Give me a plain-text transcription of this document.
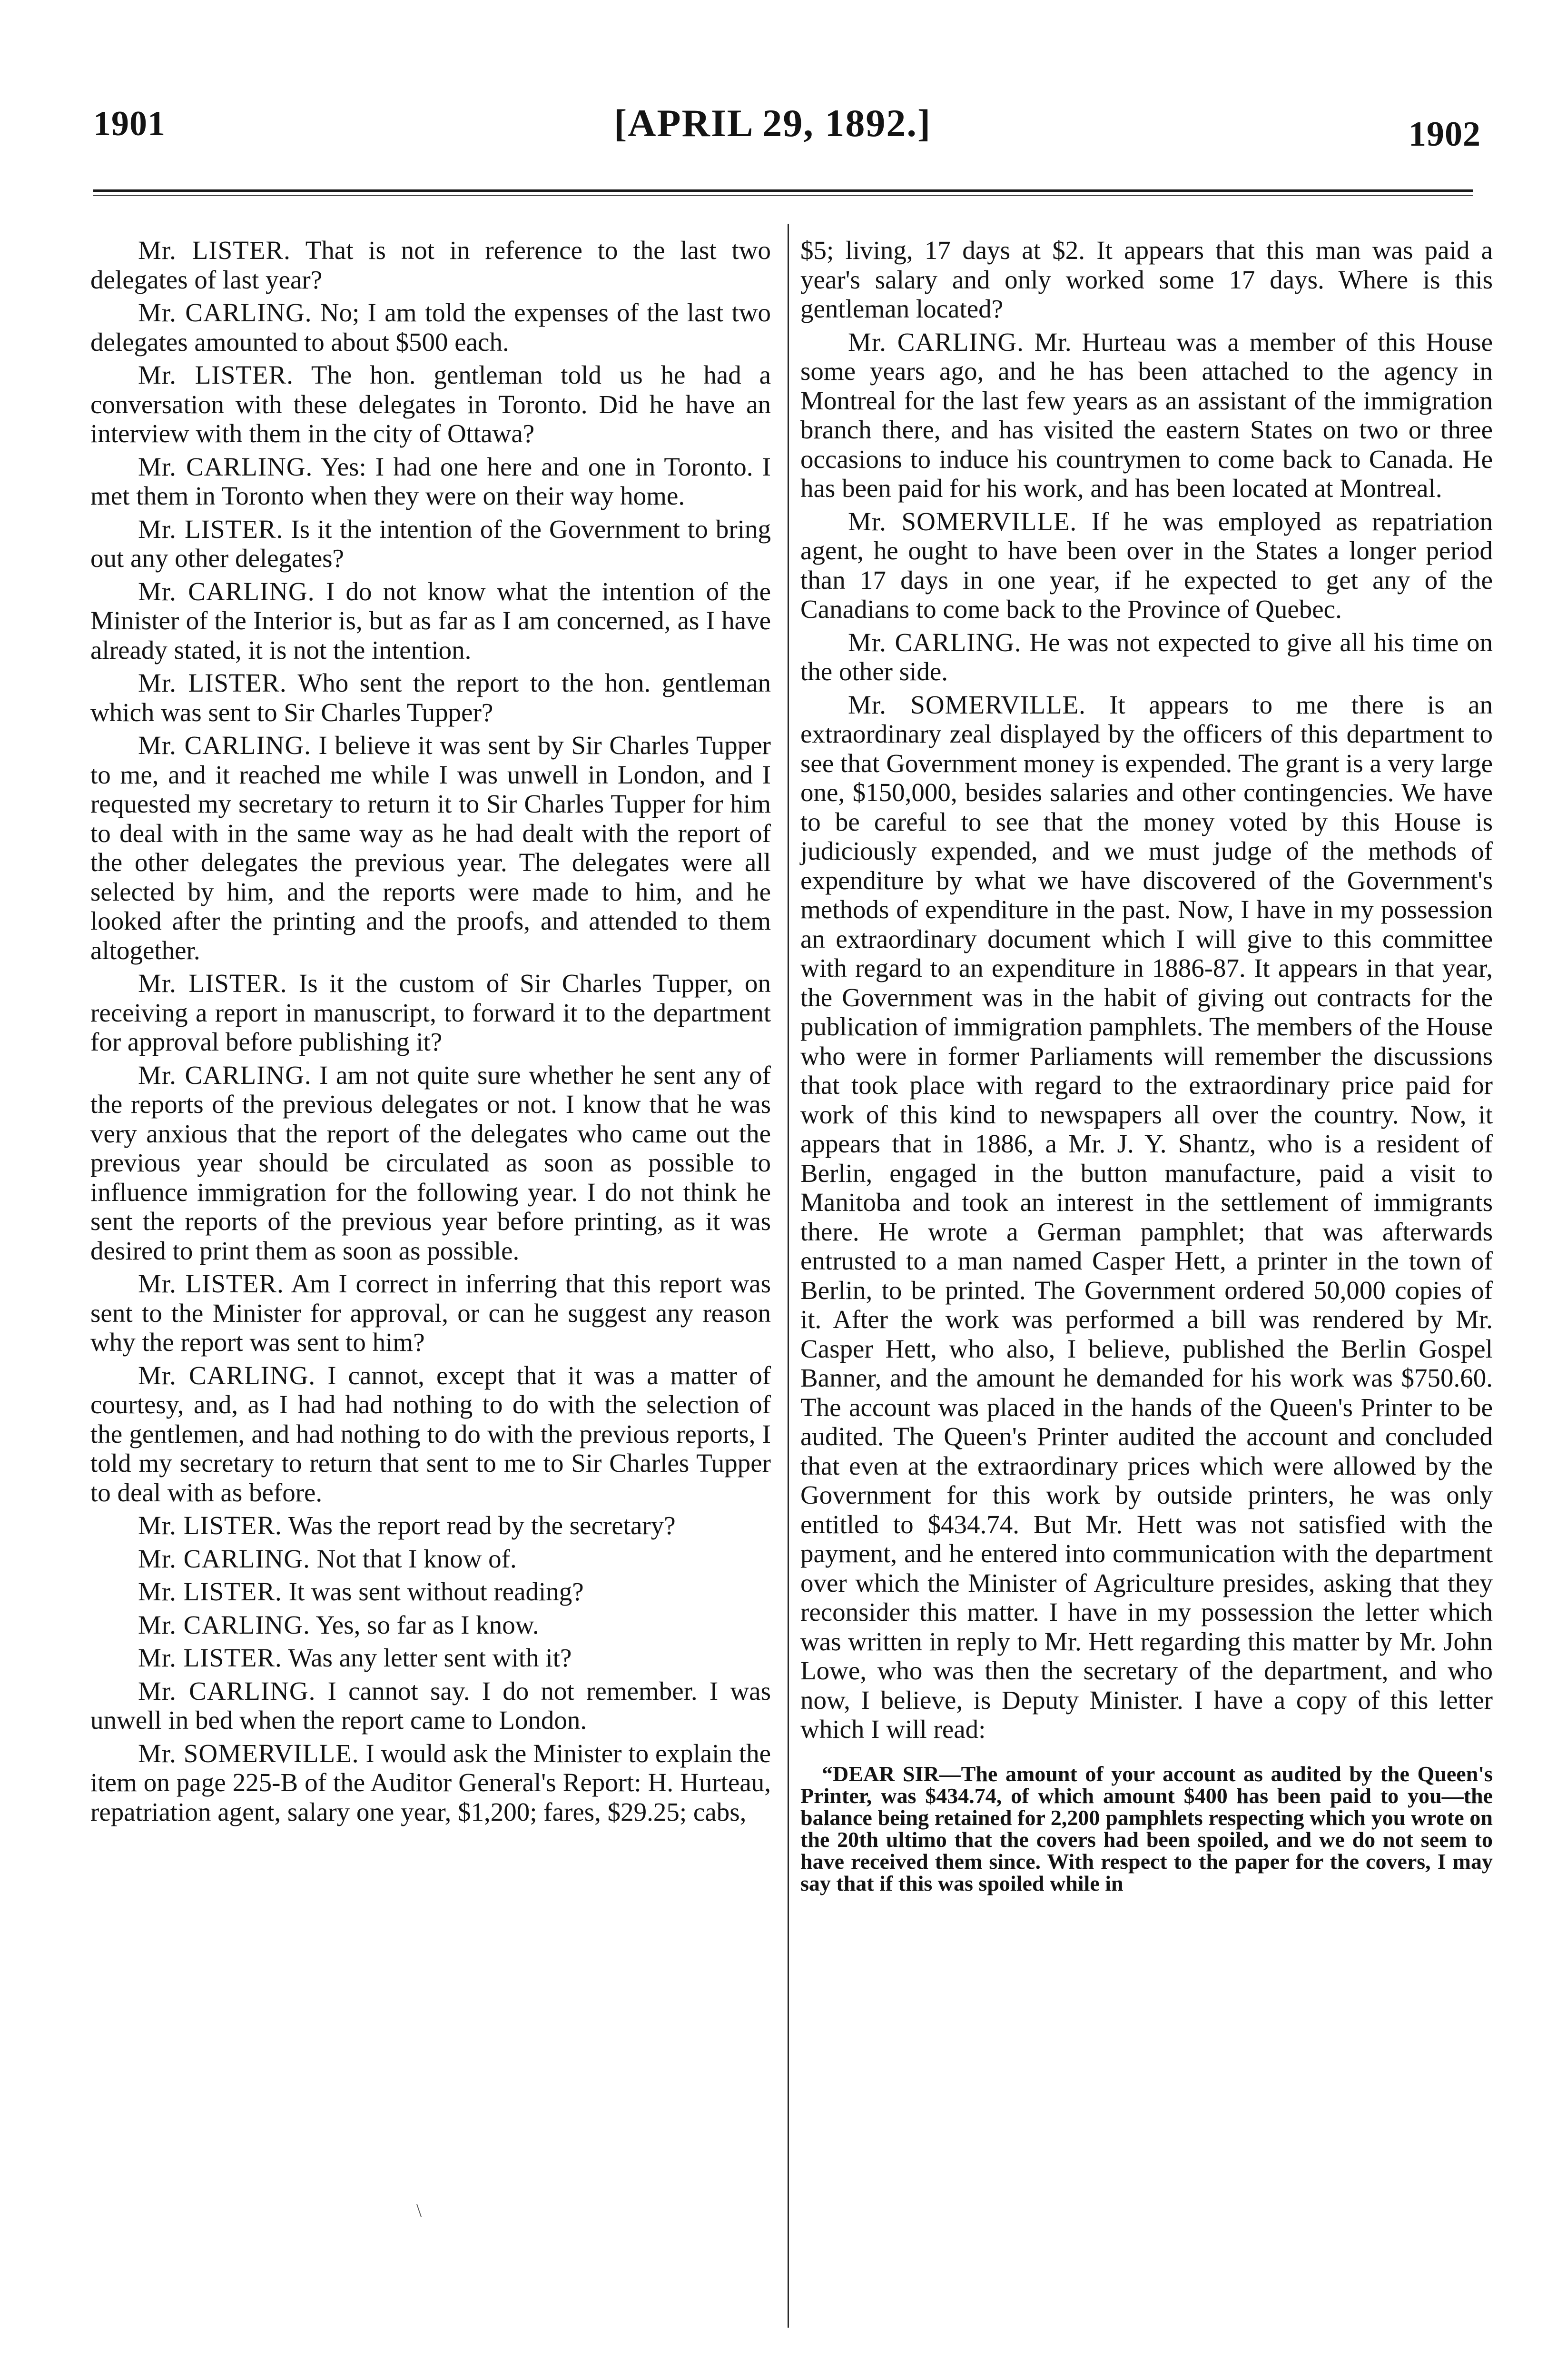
1901	[APRIL 29, 1892.]	1902

Mr. LISTER. That is not in reference to the last two delegates of last year?

Mr. CARLING. No; I am told the expenses of the last two delegates amounted to about $500 each.

Mr. LISTER. The hon. gentleman told us he had a conversation with these delegates in Toronto. Did he have an interview with them in the city of Ottawa?

Mr. CARLING. Yes: I had one here and one in Toronto. I met them in Toronto when they were on their way home.

Mr. LISTER. Is it the intention of the Government to bring out any other delegates?

Mr. CARLING. I do not know what the intention of the Minister of the Interior is, but as far as I am concerned, as I have already stated, it is not the intention.

Mr. LISTER. Who sent the report to the hon. gentleman which was sent to Sir Charles Tupper?

Mr. CARLING. I believe it was sent by Sir Charles Tupper to me, and it reached me while I was unwell in London, and I requested my secretary to return it to Sir Charles Tupper for him to deal with in the same way as he had dealt with the report of the other delegates the previous year. The delegates were all selected by him, and the reports were made to him, and he looked after the printing and the proofs, and attended to them altogether.

Mr. LISTER. Is it the custom of Sir Charles Tupper, on receiving a report in manuscript, to forward it to the department for approval before publishing it?

Mr. CARLING. I am not quite sure whether he sent any of the reports of the previous delegates or not. I know that he was very anxious that the report of the delegates who came out the previous year should be circulated as soon as possible to influence immigration for the following year. I do not think he sent the reports of the previous year before printing, as it was desired to print them as soon as possible.

Mr. LISTER. Am I correct in inferring that this report was sent to the Minister for approval, or can he suggest any reason why the report was sent to him?

Mr. CARLING. I cannot, except that it was a matter of courtesy, and, as I had had nothing to do with the selection of the gentlemen, and had nothing to do with the previous reports, I told my secretary to return that sent to me to Sir Charles Tupper to deal with as before.

Mr. LISTER. Was the report read by the secretary?

Mr. CARLING. Not that I know of.

Mr. LISTER. It was sent without reading?

Mr. CARLING. Yes, so far as I know.

Mr. LISTER. Was any letter sent with it?

Mr. CARLING. I cannot say. I do not remember. I was unwell in bed when the report came to London.

Mr. SOMERVILLE. I would ask the Minister to explain the item on page 225-B of the Auditor General's Report: H. Hurteau, repatriation agent, salary one year, $1,200; fares, $29.25; cabs,

\

$5; living, 17 days at $2. It appears that this man was paid a year's salary and only worked some 17 days. Where is this gentleman located?

Mr. CARLING. Mr. Hurteau was a member of this House some years ago, and he has been attached to the agency in Montreal for the last few years as an assistant of the immigration branch there, and has visited the eastern States on two or three occasions to induce his countrymen to come back to Canada. He has been paid for his work, and has been located at Montreal.

Mr. SOMERVILLE. If he was employed as repatriation agent, he ought to have been over in the States a longer period than 17 days in one year, if he expected to get any of the Canadians to come back to the Province of Quebec.

Mr. CARLING. He was not expected to give all his time on the other side.

Mr. SOMERVILLE. It appears to me there is an extraordinary zeal displayed by the officers of this department to see that Government money is expended. The grant is a very large one, $150,000, besides salaries and other contingencies. We have to be careful to see that the money voted by this House is judiciously expended, and we must judge of the methods of expenditure by what we have discovered of the Government's methods of expenditure in the past. Now, I have in my possession an extraordinary document which I will give to this committee with regard to an expenditure in 1886-87. It appears in that year, the Government was in the habit of giving out contracts for the publication of immigration pamphlets. The members of the House who were in former Parliaments will remember the discussions that took place with regard to the extraordinary price paid for work of this kind to newspapers all over the country. Now, it appears that in 1886, a Mr. J. Y. Shantz, who is a resident of Berlin, engaged in the button manufacture, paid a visit to Manitoba and took an interest in the settlement of immigrants there. He wrote a German pamphlet; that was afterwards entrusted to a man named Casper Hett, a printer in the town of Berlin, to be printed. The Government ordered 50,000 copies of it. After the work was performed a bill was rendered by Mr. Casper Hett, who also, I believe, published the Berlin Gospel Banner, and the amount he demanded for his work was $750.60. The account was placed in the hands of the Queen's Printer to be audited. The Queen's Printer audited the account and concluded that even at the extraordinary prices which were allowed by the Government for this work by outside printers, he was only entitled to $434.74. But Mr. Hett was not satisfied with the payment, and he entered into communication with the department over which the Minister of Agriculture presides, asking that they reconsider this matter. I have in my possession the letter which was written in reply to Mr. Hett regarding this matter by Mr. John Lowe, who was then the secretary of the department, and who now, I believe, is Deputy Minister. I have a copy of this letter which I will read:

“DEAR SIR—The amount of your account as audited by the Queen's Printer, was $434.74, of which amount $400 has been paid to you—the balance being retained for 2,200 pamphlets respecting which you wrote on the 20th ultimo that the covers had been spoiled, and we do not seem to have received them since. With respect to the paper for the covers, I may say that if this was spoiled while in
